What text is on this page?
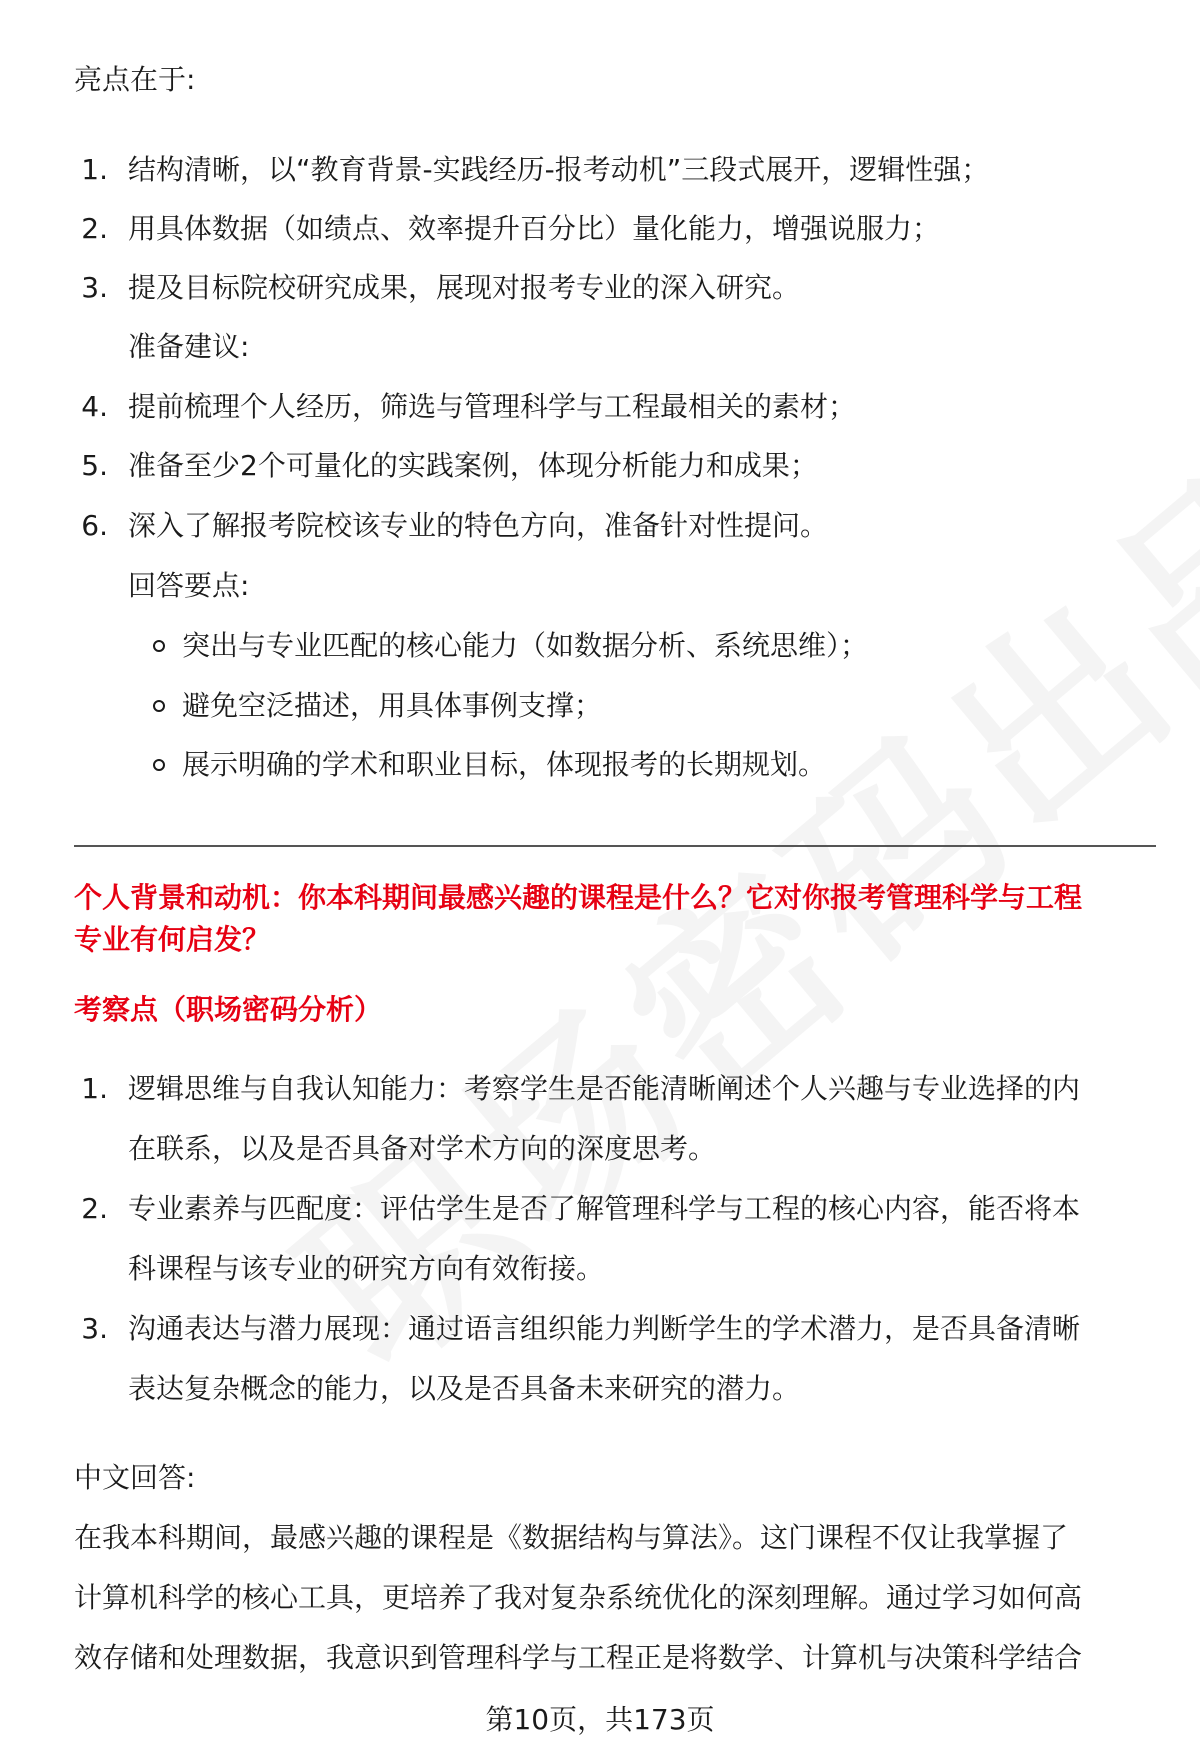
亮点在于:
1. 结构清晰，以“教育背景-实践经历-报考动机”三段式展开，逻辑性强；
2. 用具体数据（如绩点、效率提升百分比）量化能力，增强说服力；
3. 提及目标院校研究成果，展现对报考专业的深入研究。
准备建议:
4. 提前梳理个人经历，筛选与管理科学与工程最相关的素材；
5. 准备至少2个可量化的实践案例，体现分析能力和成果；
6. 深入了解报考院校该专业的特色方向，准备针对性提问。
回答要点:
突出与专业匹配的核心能力（如数据分析、系统思维）；
避免空泛描述，用具体事例支撑；
展示明确的学术和职业目标，体现报考的长期规划。
个人背景和动机：你本科期间最感兴趣的课程是什么？它对你报考管理科学与工程
专业有何启发？
考察点（职场密码分析）
1. 逻辑思维与自我认知能力：考察学生是否能清晰阐述个人兴趣与专业选择的内
在联系，以及是否具备对学术方向的深度思考。
2. 专业素养与匹配度：评估学生是否了解管理科学与工程的核心内容，能否将本
科课程与该专业的研究方向有效衔接。
3. 沟通表达与潜力展现：通过语言组织能力判断学生的学术潜力，是否具备清晰
表达复杂概念的能力，以及是否具备未来研究的潜力。
中文回答:
在我本科期间，最感兴趣的课程是《数据结构与算法》。这门课程不仅让我掌握了
计算机科学的核心工具，更培养了我对复杂系统优化的深刻理解。通过学习如何高
效存储和处理数据，我意识到管理科学与工程正是将数学、计算机与决策科学结合
第10页，共173页
